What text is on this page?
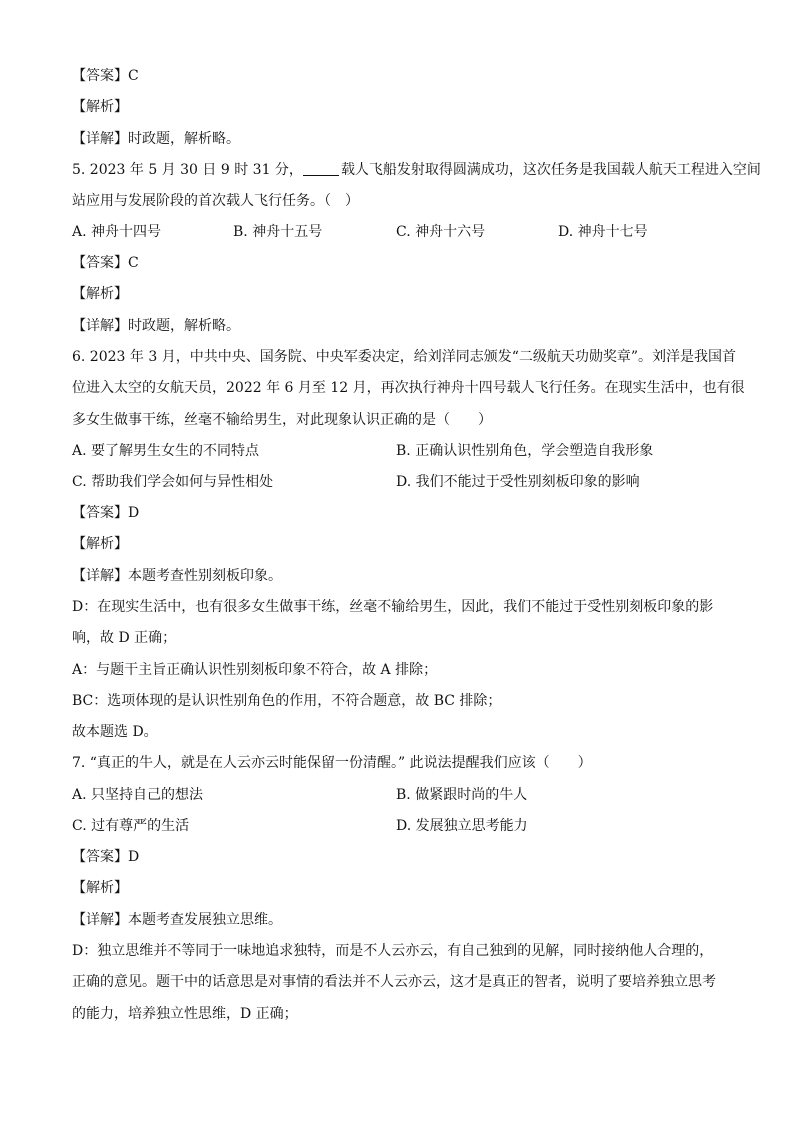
【答案】C
【解析】
【详解】时政题，解析略。
5. 2023 年 5 月 30 日 9 时 31 分，	载人飞船发射取得圆满成功，这次任务是我国载人航天工程进入空间
站应用与发展阶段的首次载人飞行任务。（　）
A. 神舟十四号	B. 神舟十五号	C. 神舟十六号	D. 神舟十七号
【答案】C
【解析】
【详解】时政题，解析略。
6. 2023 年 3 月，中共中央、国务院、中央军委决定，给刘洋同志颁发“二级航天功勋奖章”。刘洋是我国首
位进入太空的女航天员，2022 年 6 月至 12 月，再次执行神舟十四号载人飞行任务。在现实生活中，也有很
多女生做事干练，丝毫不输给男生，对此现象认识正确的是（　　）
A. 要了解男生女生的不同特点	B. 正确认识性别角色，学会塑造自我形象
C. 帮助我们学会如何与异性相处	D. 我们不能过于受性别刻板印象的影响
【答案】D
【解析】
【详解】本题考查性别刻板印象。
D：在现实生活中，也有很多女生做事干练，丝毫不输给男生，因此，我们不能过于受性别刻板印象的影
响，故 D 正确；
A：与题干主旨正确认识性别刻板印象不符合，故 A 排除；
BC：选项体现的是认识性别角色的作用，不符合题意，故 BC 排除；
故本题选 D。
7. “真正的牛人，就是在人云亦云时能保留一份清醒。” 此说法提醒我们应该（　　）
A. 只坚持自己的想法	B. 做紧跟时尚的牛人
C. 过有尊严的生活	D. 发展独立思考能力
【答案】D
【解析】
【详解】本题考查发展独立思维。
D：独立思维并不等同于一味地追求独特，而是不人云亦云，有自己独到的见解，同时接纳他人合理的，
正确的意见。题干中的话意思是对事情的看法并不人云亦云，这才是真正的智者，说明了要培养独立思考
的能力，培养独立性思维，D 正确；
